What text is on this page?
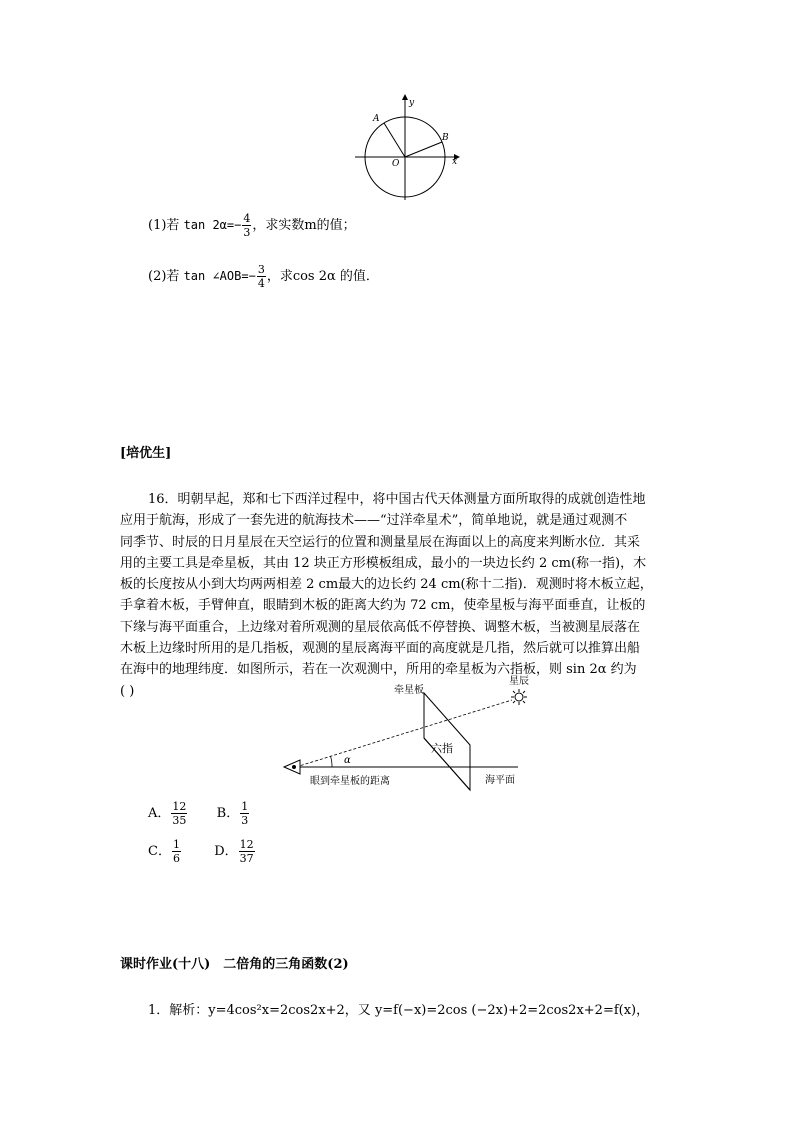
A
B
O	x
y
(1)若 $\tan 2\alpha=- \frac{4}{3}$ ，求实数m的值；
(2)若 tan ∠AOB=− $\frac{3}{4}$ ，求cos 2α 的值．
[培优生]
16．明朝早起，郑和七下西洋过程中，将中国古代天体测量方面所取得的成就创造性地
应用于航海，形成了一套先进的航海技术——“过洋牵星术”，简单地说，就是通过观测不
同季节、时辰的日月星辰在天空运行的位置和测量星辰在海面以上的高度来判断水位．其采
用的主要工具是牵星板，其由 12 块正方形模板组成，最小的一块边长约 2 cm(称一指)，木
板的长度按从小到大均两两相差 2 cm最大的边长约 24 cm(称十二指)．观测时将木板立起，
手拿着木板，手臂伸直，眼睛到木板的距离大约为 72 cm，使牵星板与海平面垂直，让板的
下缘与海平面重合，上边缘对着所观测的星辰依高低不停替换、调整木板，当被测星辰落在
木板上边缘时所用的是几指板，观测的星辰离海平面的高度就是几指，然后就可以推算出船
在海中的地理纬度．如图所示，若在一次观测中，所用的牵星板为六指板，则 sin 2α 约为
( )	牵星板
星辰
六指
α
眼到牵星板的距离	海平面
A． $\frac{12}{35}$ B． $\frac{1}{3}$
C． $\frac{1}{6}$	D． $\frac{12}{37}$
课时作业(十八)　二倍角的三角函数(2)
1．解析：y=4cos²x=2cos2x+2，又 y=f(−x)=2cos (−2x)+2=2cos2x+2=f(x)，
